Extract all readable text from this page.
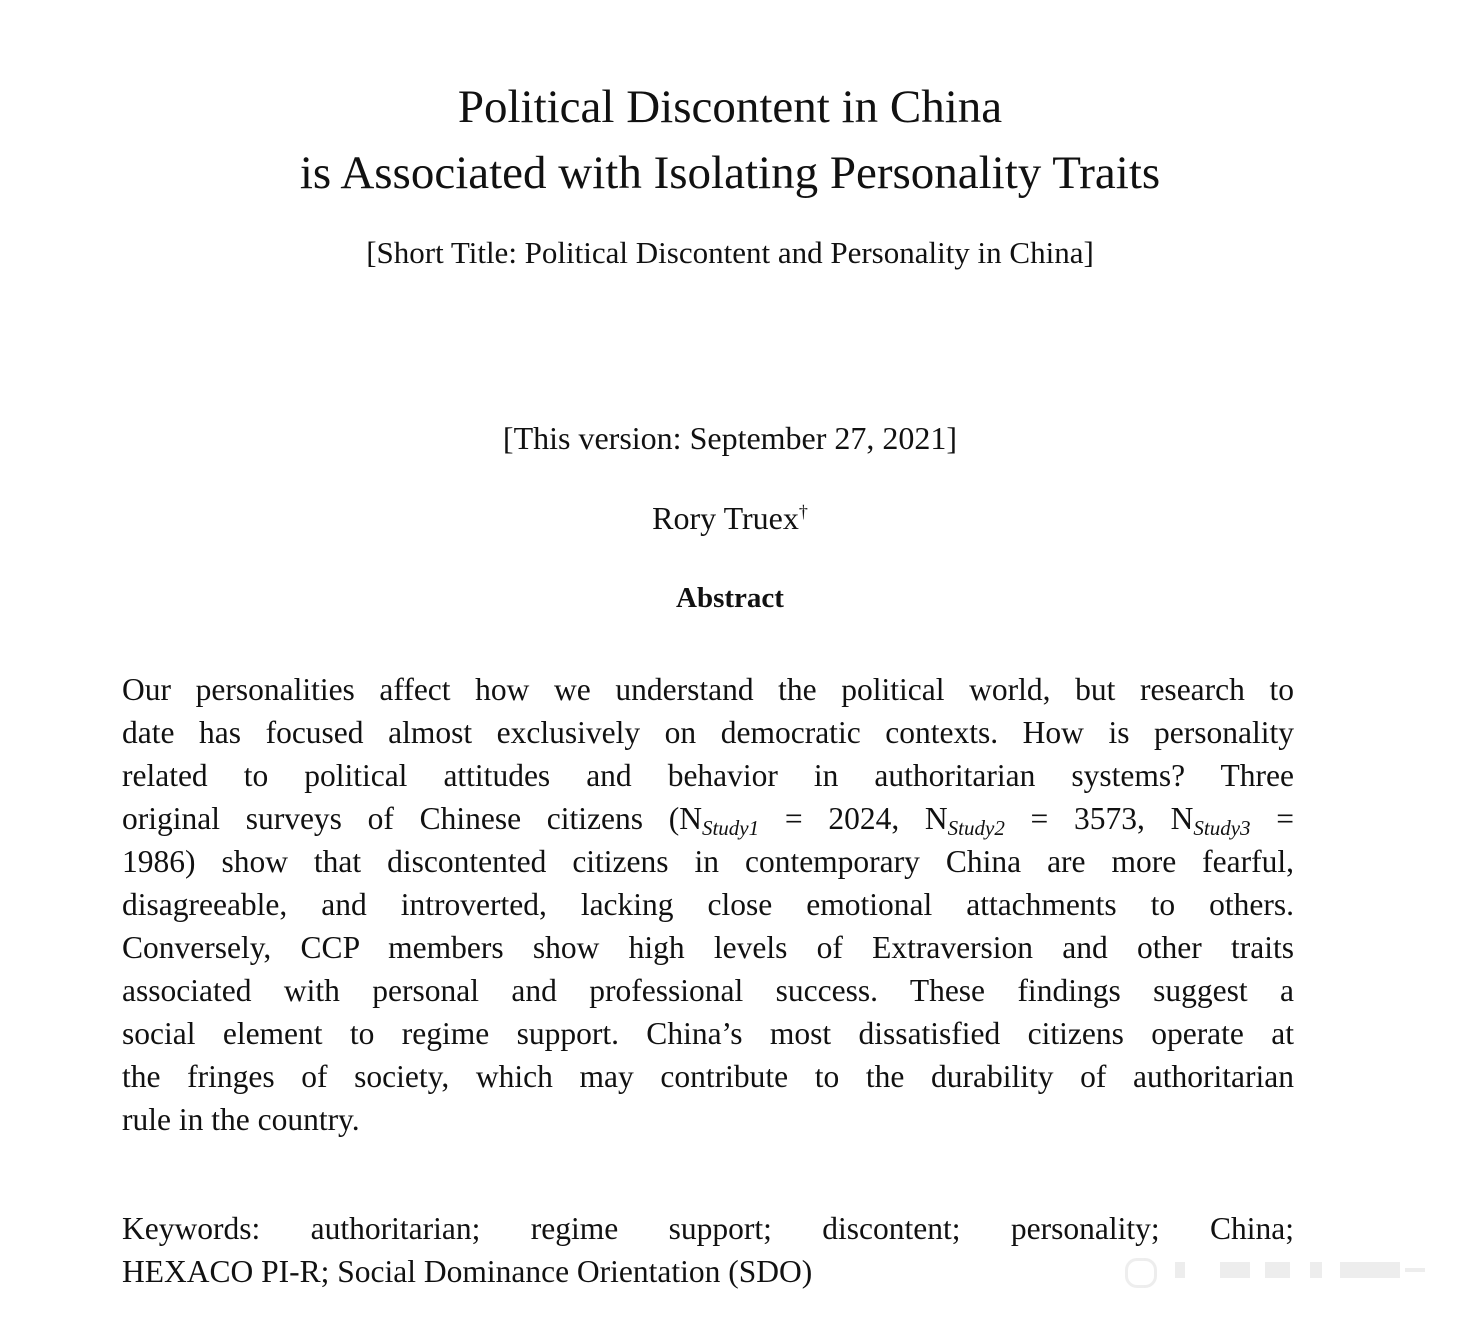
Political Discontent in China
is Associated with Isolating Personality Traits
[Short Title: Political Discontent and Personality in China]
[This version: September 27, 2021]
Rory Truex†
Abstract
Our personalities affect how we understand the political world, but research to
date has focused almost exclusively on democratic contexts. How is personality
related to political attitudes and behavior in authoritarian systems? Three
original surveys of Chinese citizens ($N_{Study1} = 2024$, $N_{Study2} = 3573$, $N_{Study3}$ =
1986) show that discontented citizens in contemporary China are more fearful,
disagreeable, and introverted, lacking close emotional attachments to others.
Conversely, CCP members show high levels of Extraversion and other traits
associated with personal and professional success. These findings suggest a
social element to regime support. China’s most dissatisfied citizens operate at
the fringes of society, which may contribute to the durability of authoritarian
rule in the country.
Keywords: authoritarian; regime support; discontent; personality; China;
HEXACO PI-R; Social Dominance Orientation (SDO)
